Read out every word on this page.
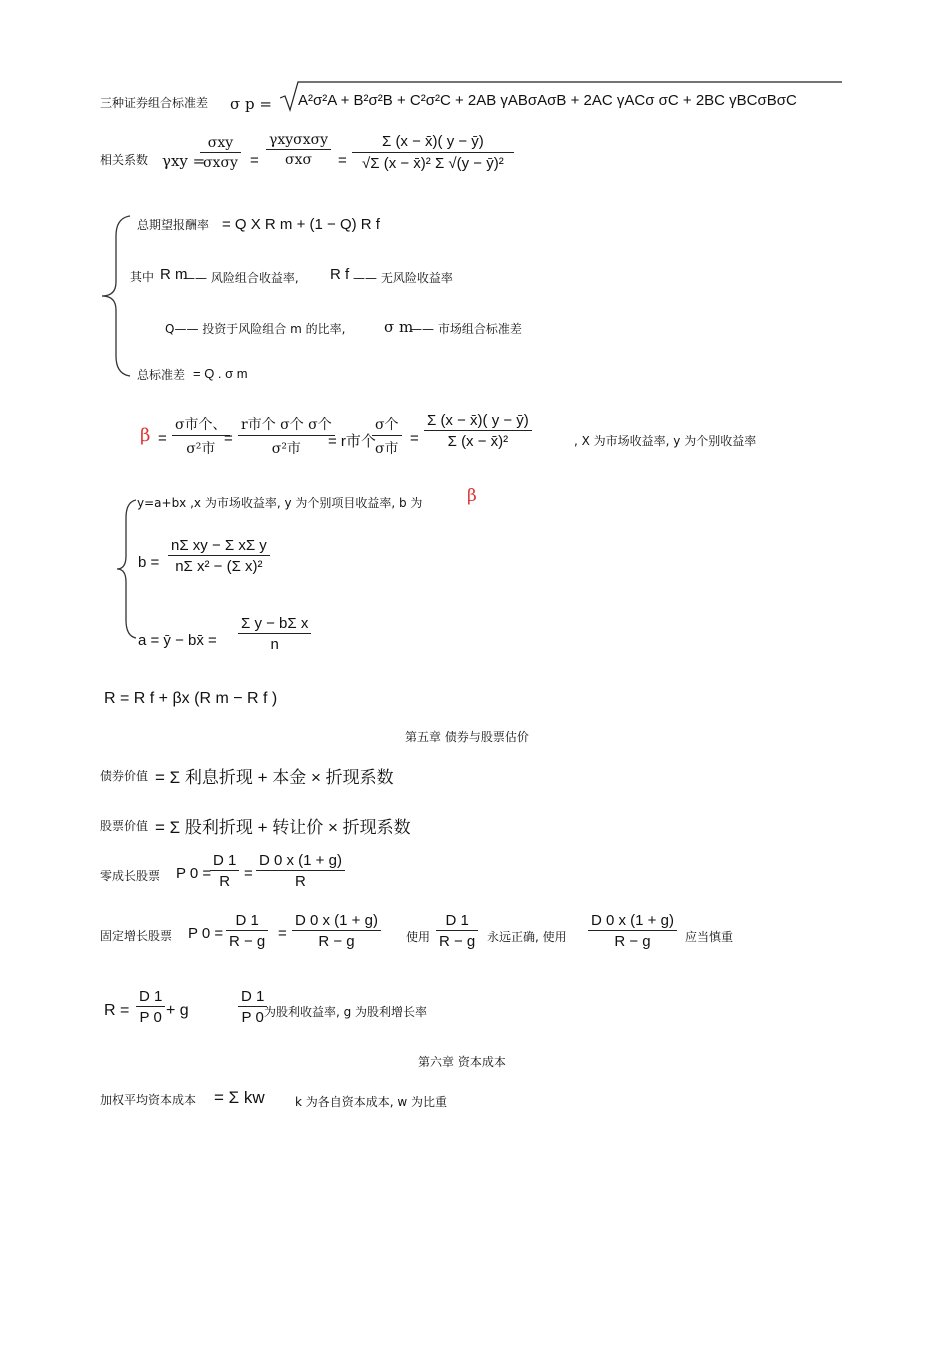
三种证券组合标准差 σ p = A²σ²A + B²σ²B + C²σ²C + 2AB γABσAσB + 2AC γACσ σC + 2BC γBCσBσC
相关系数 γxy =
$\frac{\text{σxy}}{\text{σxσy}} = \frac{\text{γxyσxσy}}{\text{σxσ}} = \frac{\Sigma (x - x̄)( y - ȳ)}{\text{√Σ (x − x̄)² Σ √(y − ȳ)²}}$
总期望报酬率 = Q X R m + (1 − Q) R f
其中 R m
—— 风险组合收益率, R f —— 无风险收益率
Q—— 投资于风险组合 m 的比率,	σ m
—— 市场组合标准差
总标准差 = Q . σ m
$\beta = \frac{\text{σ市个、}}{\text{σ²市}}$
= $\frac{\text{r市个 σ个 σ个}}{\text{σ²市}}$
= r市个
$\frac{\text{σ个}}{\text{σ市}} = \frac{\Sigma (x - x̄)( y - ȳ)}{\text{Σ (x − x̄)²}}$	, X 为市场收益率, y 为个别收益率
y=a+bx ,x 为市场收益率, y 为个别项目收益率, b 为	β
$b = \frac{\text{nΣ xy − Σ xΣ y}}{\text{nΣ x² − (Σ x)²}}$
a = ȳ − bx̄ = $\frac{\text{Σ y − bΣ x}}{n}$
R = R f + βx (R m − R f )
第五章 债券与股票估价
债券价值 = Σ 利息折现 + 本金 × 折现系数
股票价值 = Σ 股利折现 + 转让价 × 折现系数
零成长股票 P 0 =
$\frac{D 1}{R} = \frac{D 0 x (1 + g)}{R}$
固定增长股票 P $0 = \frac{D 1}{R - g} = \frac{D 0 x (1 + g)}{R - g}$ 使用 $\frac{D 1}{R - g}$ 永远正确, 使用 $\frac{D 0 x (1 + g)}{R - g}$ 应当慎重
$R = \frac{D 1}{P 0} + g$	$\frac{D 1}{P 0}$
为股利收益率, g 为股利增长率
第六章 资本成本
加权平均资本成本 = Σ kw	k 为各自资本成本, w 为比重
